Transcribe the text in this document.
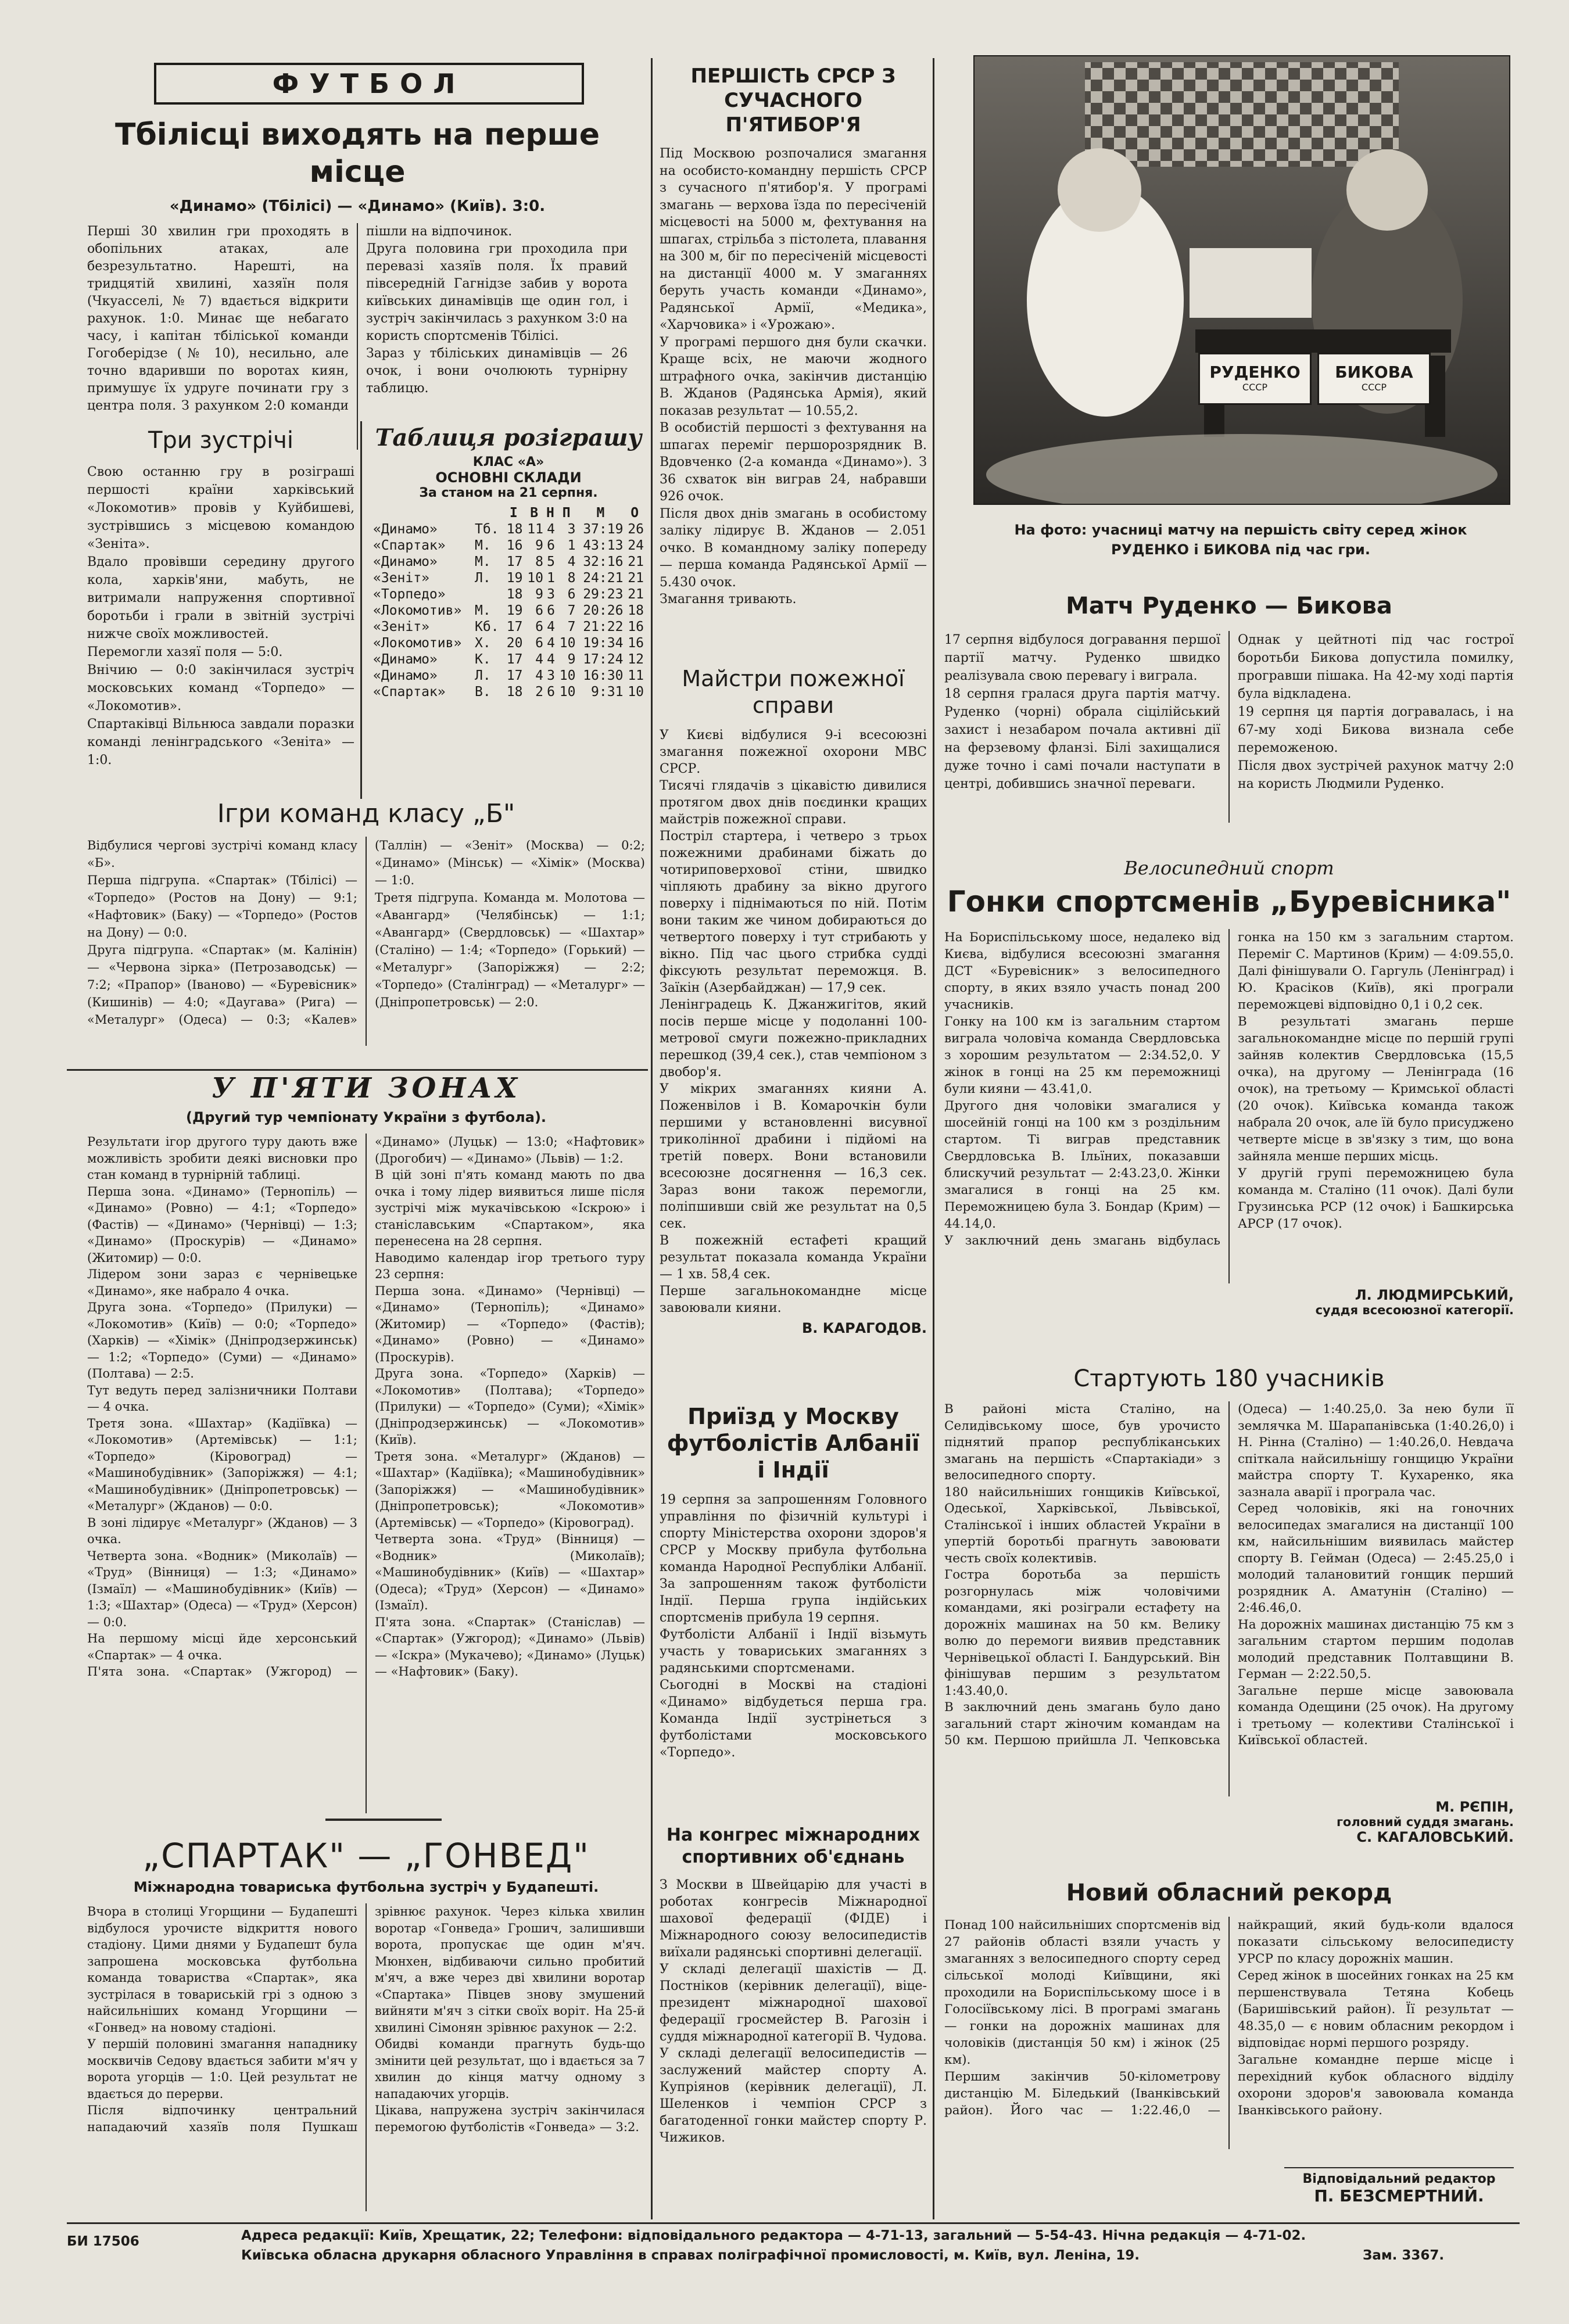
ФУТБОЛ
Тбілісці виходять на перше місце

«Динамо» (Тбілісі) — «Динамо» (Київ). 3:0.

Перші 30 хвилин гри проходять в обопільних атаках, але безрезультатно. Нарешті, на тридцятій хвилині, хазяїн поля (Чкуасселі, № 7) вдається відкрити рахунок. 1:0. Минає ще небагато часу, і капітан тбіліської команди Гогоберідзе (№ 10), несильно, але точно вдаривши по воротах киян, примушує їх удруге починати гру з центра поля. З рахунком 2:0 команди пішли на відпочинок.
Друга половина гри проходила при перевазі хазяїв поля. Їх правий півсередній Гагнідзе забив у ворота київських динамівців ще один гол, і зустріч закінчилась з рахунком 3:0 на користь спортсменів Тбілісі.
Зараз у тбіліських динамівців — 26 очок, і вони очолюють турнірну таблицю.
Три зустрічі
Свою останню гру в розіграші першості країни харківський «Локомотив» провів у Куйбишеві, зустрівшись з місцевою командою «Зеніта».
Вдало провівши середину другого кола, харків'яни, мабуть, не витримали напруження спортивної боротьби і грали в звітній зустрічі нижче своїх можливостей.
Перемогли хазяї поля — 5:0.
Внічию — 0:0 закінчилася зустріч московських команд «Торпедо» — «Локомотив».
Спартаківці Вільнюса завдали поразки команді ленінградського «Зеніта» — 1:0.
Таблиця розіграшу

КЛАС «А»

ОСНОВНІ СКЛАДИ

За станом на 21 серпня.

		І	В	Н	П	М	О
«Динамо»	Тб.	18	11	4	3	37:19	26
«Спартак»	М.	16	9	6	1	43:13	24
«Динамо»	М.	17	8	5	4	32:16	21
«Зеніт»	Л.	19	10	1	8	24:21	21
«Торпедо»		18	9	3	6	29:23	21
«Локомотив»	М.	19	6	6	7	20:26	18
«Зеніт»	Кб.	17	6	4	7	21:22	16
«Локомотив»	Х.	20	6	4	10	19:34	16
«Динамо»	К.	17	4	4	9	17:24	12
«Динамо»	Л.	17	4	3	10	16:30	11
«Спартак»	В.	18	2	6	10	9:31	10
Ігри команд класу „Б"
Відбулися чергові зустрічі команд класу «Б».
Перша підгрупа. «Спартак» (Тбілісі) — «Торпедо» (Ростов на Дону) — 9:1; «Нафтовик» (Баку) — «Торпедо» (Ростов на Дону) — 0:0.
Друга підгрупа. «Спартак» (м. Калінін) — «Червона зірка» (Петрозаводськ) — 7:2; «Прапор» (Іваново) — «Буревісник» (Кишинів) — 4:0; «Даугава» (Рига) — «Металург» (Одеса) — 0:3; «Калев» (Таллін) — «Зеніт» (Москва) — 0:2; «Динамо» (Мінськ) — «Хімік» (Москва) — 1:0.
Третя підгрупа. Команда м. Молотова — «Авангард» (Челябінськ) — 1:1; «Авангард» (Свердловськ) — «Шахтар» (Сталіно) — 1:4; «Торпедо» (Горький) — «Металург» (Запоріжжя) — 2:2; «Торпедо» (Сталінград) — «Металург» — (Дніпропетровськ) — 2:0.
У П'ЯТИ ЗОНАХ

(Другий тур чемпіонату України з футбола).

Результати ігор другого туру дають вже можливість зробити деякі висновки про стан команд в турнірній таблиці.
Перша зона. «Динамо» (Тернопіль) — «Динамо» (Ровно) — 4:1; «Торпедо» (Фастів) — «Динамо» (Чернівці) — 1:3; «Динамо» (Проскурів) — «Динамо» (Житомир) — 0:0.
Лідером зони зараз є чернівецьке «Динамо», яке набрало 4 очка.
Друга зона. «Торпедо» (Прилуки) — «Локомотив» (Київ) — 0:0; «Торпедо» (Харків) — «Хімік» (Дніпродзержинськ) — 1:2; «Торпедо» (Суми) — «Динамо» (Полтава) — 2:5.
Тут ведуть перед залізничники Полтави — 4 очка.
Третя зона. «Шахтар» (Кадіївка) — «Локомотив» (Артемівськ) — 1:1; «Торпедо» (Кіровоград) — «Машинобудівник» (Запоріжжя) — 4:1; «Машинобудівник» (Дніпропетровськ) — «Металург» (Жданов) — 0:0.
В зоні лідирує «Металург» (Жданов) — 3 очка.
Четверта зона. «Водник» (Миколаїв) — «Труд» (Вінниця) — 1:3; «Динамо» (Ізмаїл) — «Машинобудівник» (Київ) — 1:3; «Шахтар» (Одеса) — «Труд» (Херсон) — 0:0.
На першому місці йде херсонський «Спартак» — 4 очка.
П'ята зона. «Спартак» (Ужгород) — «Динамо» (Луцьк) — 13:0; «Нафтовик» (Дрогобич) — «Динамо» (Львів) — 1:2.
В цій зоні п'ять команд мають по два очка і тому лідер виявиться лише після зустрічі між мукачівською «Іскрою» і станіславським «Спартаком», яка перенесена на 28 серпня.
Наводимо календар ігор третього туру 23 серпня:
Перша зона. «Динамо» (Чернівці) — «Динамо» (Тернопіль); «Динамо» (Житомир) — «Торпедо» (Фастів); «Динамо» (Ровно) — «Динамо» (Проскурів).
Друга зона. «Торпедо» (Харків) — «Локомотив» (Полтава); «Торпедо» (Прилуки) — «Торпедо» (Суми); «Хімік» (Дніпродзержинськ) — «Локомотив» (Київ).
Третя зона. «Металург» (Жданов) — «Шахтар» (Кадіївка); «Машинобудівник» (Запоріжжя) — «Машинобудівник» (Дніпропетровськ); «Локомотив» (Артемівськ) — «Торпедо» (Кіровоград).
Четверта зона. «Труд» (Вінниця) — «Водник» (Миколаїв); «Машинобудівник» (Київ) — «Шахтар» (Одеса); «Труд» (Херсон) — «Динамо» (Ізмаїл).
П'ята зона. «Спартак» (Станіслав) — «Спартак» (Ужгород); «Динамо» (Львів) — «Іскра» (Мукачево); «Динамо» (Луцьк) — «Нафтовик» (Баку).
„СПАРТАК" — „ГОНВЕД"

Міжнародна товариська футбольна зустріч у Будапешті.

Вчора в столиці Угорщини — Будапешті відбулося урочисте відкриття нового стадіону. Цими днями у Будапешт була запрошена московська футбольна команда товариства «Спартак», яка зустрілася в товариській грі з одною з найсильніших команд Угорщини — «Гонвед» на новому стадіоні.
У першій половині змагання нападнику москвичів Седову вдається забити м'яч у ворота угорців — 1:0. Цей результат не вдається до перерви.
Після відпочинку центральний нападаючий хазяїв поля Пушкаш зрівнює рахунок. Через кілька хвилин воротар «Гонведа» Грошич, залишивши ворота, пропускає ще один м'яч. Мюнхен, відбиваючи сильно пробитий м'яч, а вже через дві хвилини воротар «Спартака» Півцев знову змушений вийняти м'яч з сітки своїх воріт. На 25-й хвилині Сімонян зрівнює рахунок — 2:2.
Обидві команди прагнуть будь-що змінити цей результат, що і вдається за 7 хвилин до кінця матчу одному з нападаючих угорців.
Цікава, напружена зустріч закінчилася перемогою футболістів «Гонведа» — 3:2.
ПЕРШІСТЬ СРСР З СУЧАСНОГО П'ЯТИБОР'Я
Під Москвою розпочалися змагання на особисто-командну першість СРСР з сучасного п'ятибор'я. У програмі змагань — верхова їзда по пересіченій місцевості на 5000 м, фехтування на шпагах, стрільба з пістолета, плавання на 300 м, біг по пересіченій місцевості на дистанції 4000 м. У змаганнях беруть участь команди «Динамо», Радянської Армії, «Медика», «Харчовика» і «Урожаю».
У програмі першого дня були скачки. Краще всіх, не маючи жодного штрафного очка, закінчив дистанцію В. Жданов (Радянська Армія), який показав результат — 10.55,2.
В особистій першості з фехтування на шпагах переміг першорозрядник В. Вдовченко (2-а команда «Динамо»). З 36 схваток він виграв 24, набравши 926 очок.
Після двох днів змагань в особистому заліку лідирує В. Жданов — 2.051 очко. В командному заліку попереду — перша команда Радянської Армії — 5.430 очок.
Змагання тривають.
Майстри пожежної справи
У Києві відбулися 9-і всесоюзні змагання пожежної охорони МВС СРСР.
Тисячі глядачів з цікавістю дивилися протягом двох днів поєдинки кращих майстрів пожежної справи.
Постріл стартера, і четверо з трьох пожежними драбинами біжать до чотириповерхової стіни, швидко чіпляють драбину за вікно другого поверху і піднімаються по ній. Потім вони таким же чином добираються до четвертого поверху і тут стрибають у вікно. Під час цього стрибка судді фіксують результат переможця. В. Заїкін (Азербайджан) — 17,9 сек.
Ленінградець К. Джанжигітов, який посів перше місце у подоланні 100-метрової смуги пожежно-прикладних перешкод (39,4 сек.), став чемпіоном з двобор'я.
У мікрих змаганнях кияни А. Поженвілов і В. Комарочкін були першими у встановленні висувної триколінної драбини і підйомі на третій поверх. Вони встановили всесоюзне досягнення — 16,3 сек. Зараз вони також перемогли, поліпшивши свій же результат на 0,5 сек.
В пожежній естафеті кращий результат показала команда України — 1 хв. 58,4 сек.
Перше загальнокомандне місце завоювали кияни.

В. КАРАГОДОВ.

Приїзд у Москву футболістів Албанії і Індії
19 серпня за запрошенням Головного управління по фізичній культурі і спорту Міністерства охорони здоров'я СРСР у Москву прибула футбольна команда Народної Республіки Албанії. За запрошенням також футболісти Індії. Перша група індійських спортсменів прибула 19 серпня.
Футболісти Албанії і Індії візьмуть участь у товариських змаганнях з радянськими спортсменами.
Сьогодні в Москві на стадіоні «Динамо» відбудеться перша гра. Команда Індії зустрінеться з футболістами московського «Торпедо».
На конгрес міжнародних спортивних об'єднань
З Москви в Швейцарію для участі в роботах конгресів Міжнародної шахової федерації (ФІДЕ) і Міжнародного союзу велосипедистів виїхали радянські спортивні делегації.
У складі делегації шахістів — Д. Постніков (керівник делегації), віце-президент міжнародної шахової федерації гросмейстер В. Рагозін і суддя міжнародної категорії В. Чудова.
У складі делегації велосипедистів — заслужений майстер спорту А. Купріянов (керівник делегації), Л. Шеленков і чемпіон СРСР з багатоденної гонки майстер спорту Р. Чижиков.
РУДЕНКО
СССР
БИКОВА
СССР
На фото: учасниці матчу на першість світу серед жінок
РУДЕНКО і БИКОВА під час гри.
Матч Руденко — Бикова
17 серпня відбулося догравання першої партії матчу. Руденко швидко реалізувала свою перевагу і виграла.
18 серпня гралася друга партія матчу. Руденко (чорні) обрала сіцілійський захист і незабаром почала активні дії на ферзевому фланзі. Білі захищалися дуже точно і самі почали наступати в центрі, добившись значної переваги.
Однак у цейтноті під час гострої боротьби Бикова допустила помилку, програвши пішака. На 42-му ході партія була відкладена.
19 серпня ця партія догравалась, і на 67-му ході Бикова визнала себе переможеною.
Після двох зустрічей рахунок матчу 2:0 на користь Людмили Руденко.

Велосипедний спорт

Гонки спортсменів „Буревісника"
На Бориспільському шосе, недалеко від Києва, відбулися всесоюзні змагання ДСТ «Буревісник» з велосипедного спорту, в яких взяло участь понад 200 учасників.
Гонку на 100 км із загальним стартом виграла чоловіча команда Свердловська з хорошим результатом — 2:34.52,0. У жінок в гонці на 25 км переможниці були кияни — 43.41,0.
Другого дня чоловіки змагалися у шосейній гонці на 100 км з роздільним стартом. Ті виграв представник Свердловська В. Ільїних, показавши блискучий результат — 2:43.23,0. Жінки змагалися в гонці на 25 км. Переможницею була З. Бондар (Крим) — 44.14,0.
У заключний день змагань відбулась гонка на 150 км з загальним стартом. Переміг С. Мартинов (Крим) — 4:09.55,0. Далі фінішували О. Гаргуль (Ленінград) і Ю. Красіков (Київ), які програли переможцеві відповідно 0,1 і 0,2 сек.
В результаті змагань перше загальнокомандне місце по першій групі зайняв колектив Свердловська (15,5 очка), на другому — Ленінграда (16 очок), на третьому — Кримської області (20 очок). Київська команда також набрала 20 очок, але їй було присуджено четверте місце в зв'язку з тим, що вона зайняла менше перших місць.
У другій групі переможницею була команда м. Сталіно (11 очок). Далі були Грузинська РСР (12 очок) і Башкирська АРСР (17 очок).

Л. ЛЮДМИРСЬКИЙ,

суддя всесоюзної категорії.

Стартують 180 учасників
В районі міста Сталіно, на Селидівському шосе, був урочисто піднятий прапор республіканських змагань на першість «Спартакіади» з велосипедного спорту.
180 найсильніших гонщиків Київської, Одеської, Харківської, Львівської, Сталінської і інших областей України в упертій боротьбі прагнуть завоювати честь своїх колективів.
Гостра боротьба за першість розгорнулась між чоловічими командами, які розіграли естафету на дорожніх машинах на 50 км. Велику волю до перемоги виявив представник Чернівецької області І. Бандурський. Він фінішував першим з результатом 1:43.40,0.
В заключний день змагань було дано загальний старт жіночим командам на 50 км. Першою прийшла Л. Чепковська (Одеса) — 1:40.25,0. За нею були її землячка М. Шарапанівська (1:40.26,0) і Н. Рінна (Сталіно) — 1:40.26,0. Невдача спіткала найсильнішу гонщицю України майстра спорту Т. Кухаренко, яка зазнала аварії і програла час.
Серед чоловіків, які на гоночних велосипедах змагалися на дистанції 100 км, найсильнішим виявилась майстер спорту В. Гейман (Одеса) — 2:45.25,0 і молодий талановитий гонщик перший розрядник А. Аматунін (Сталіно) — 2:46.46,0.
На дорожніх машинах дистанцію 75 км з загальним стартом першим подолав молодий представник Полтавщини В. Герман — 2:22.50,5.
Загальне перше місце завоювала команда Одещини (25 очок). На другому і третьому — колективи Сталінської і Київської областей.

М. РЄПІН,

головний суддя змагань.

С. КАГАЛОВСЬКИЙ.

Новий обласний рекорд
Понад 100 найсильніших спортсменів від 27 районів області взяли участь у змаганнях з велосипедного спорту серед сільської молоді Київщини, які проходили на Бориспільському шосе і в Голосіївському лісі. В програмі змагань — гонки на дорожніх машинах для чоловіків (дистанція 50 км) і жінок (25 км).
Першим закінчив 50-кілометрову дистанцію М. Біледький (Іванківський район). Його час — 1:22.46,0 — найкращий, який будь-коли вдалося показати сільському велосипедисту УРСР по класу дорожніх машин.
Серед жінок в шосейних гонках на 25 км першенствувала Тетяна Кобець (Баришівський район). Її результат — 48.35,0 — є новим обласним рекордом і відповідає нормі першого розряду.
Загальне командне перше місце і перехідний кубок обласного відділу охорони здоров'я завоювала команда Іванківського району.
Відповідальний редактор
П. БЕЗСМЕРТНИЙ.
БИ 17506	Адреса редакції: Київ, Хрещатик, 22; Телефони: відповідального редактора — 4-71-13, загальний — 5-54-43. Нічна редакція — 4-71-02.
Київська обласна друкарня обласного Управління в справах поліграфічної промисловості, м. Київ, вул. Леніна, 19.	Зам. 3367.
